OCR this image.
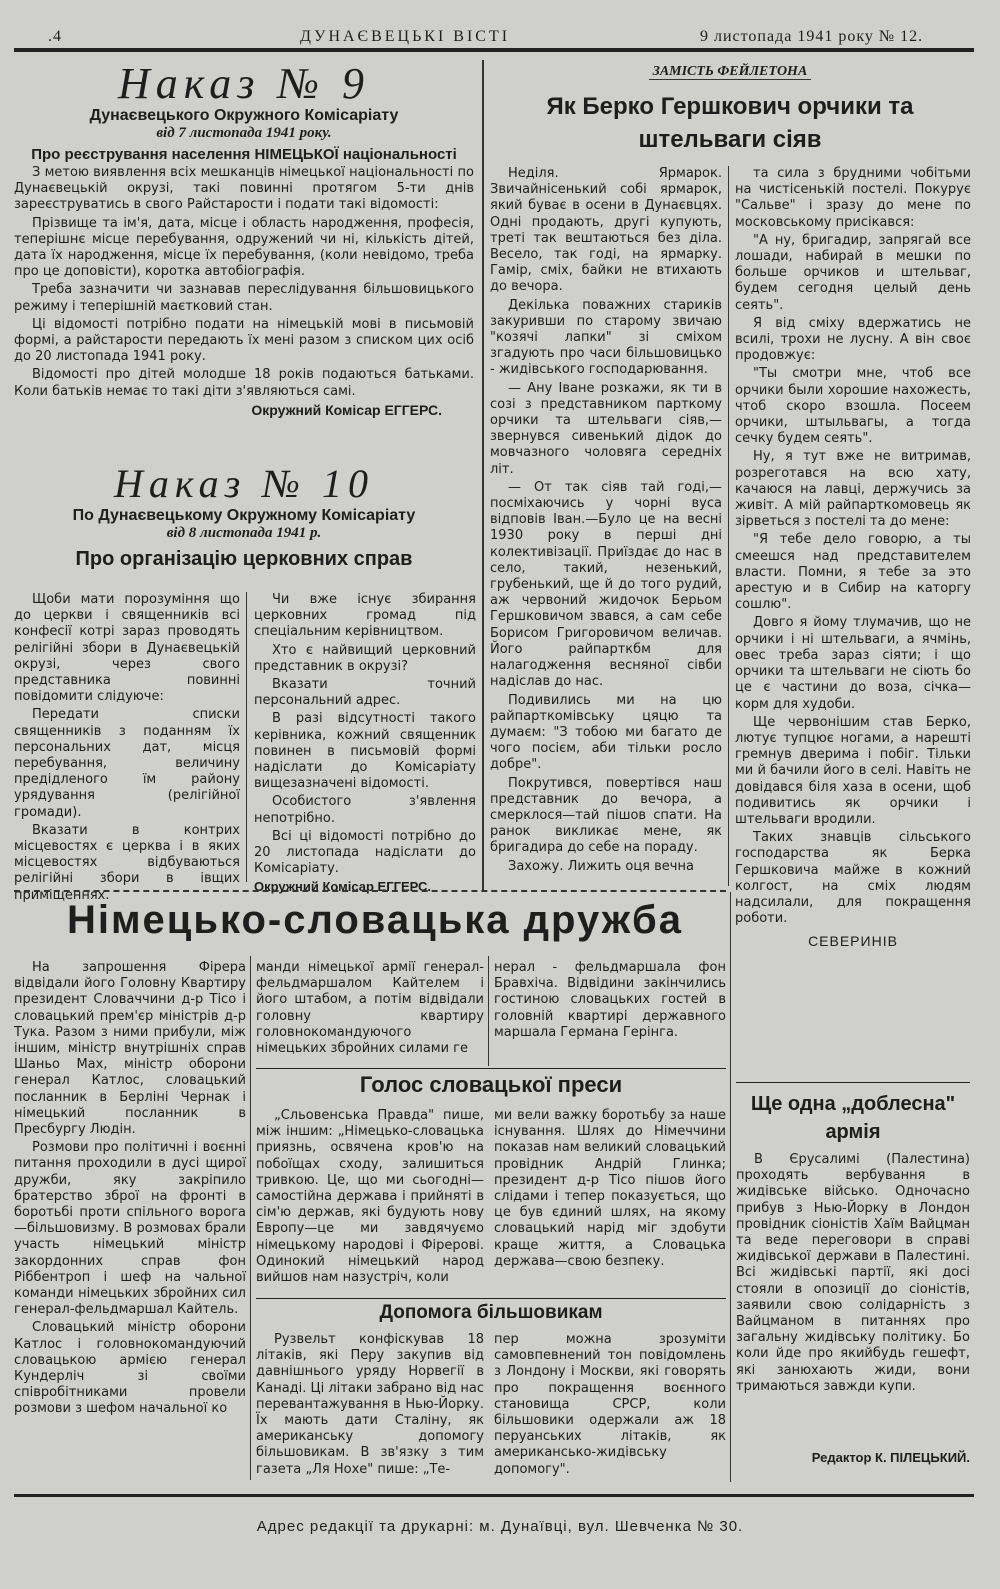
.4	ДУНАЄВЕЦЬКІ ВІСТІ	9 листопада 1941 року № 12.
Наказ № 9
Дунаєвецького Окружного Комісаріату
від 7 листопада 1941 року.
Про реєстрування населення НІМЕЦЬКОЇ національності

З метою виявлення всіх мешканців німецької національності по Дунаєвецькій окрузі, такі повинні протягом 5-ти днів зареєструватись в свого Райстарости і подати такі відомості:

Прізвище та ім'я, дата, місце і область народження, професія, теперішнє місце перебування, одружений чи ні, кількість дітей, дата їх народження, місце їх перебування, (коли невідомо, треба про це доповісти), коротка автобіографія.

Треба зазначити чи зазнавав переслідування більшовицького режиму і теперішній маєтковий стан.

Ці відомості потрібно подати на німецькій мові в письмовій формі, а райстарости передають їх мені разом з списком цих осіб до 20 листопада 1941 року.

Відомості про дітей молодше 18 років подаються батьками. Коли батьків немає то такі діти з'являються самі.

Окружний Комісар ЕГГЕРС.
Наказ № 10
По Дунаєвецькому Окружному Комісаріату
від 8 листопада 1941 р.
Про організацію церковних справ

Щоби мати порозуміння що до церкви і священників всі конфесії котрі зараз проводять релігійні збори в Дунаєвецькій окрузі, через свого представника повинні повідомити слідуюче:

Передати списки священників з поданням їх персональних дат, місця перебування, величину предідленого їм району урядування (релігійної громади).

Вказати в контрих місцевостях є церква і в яких місцевостях відбуваються релігійні збори в івщих приміщеннях.

Чи вже існує збирання церковних громад під спеціальним керівництвом.

Хто є найвищий церковний представник в окрузі?

Вказати точний персональний адрес.

В разі відсутності такого керівника, кожний священник повинен в письмовій формі надіслати до Комісаріату вищезазначені відомості.

Особистого з'явлення непотрібно.

Всі ці відомості потрібно до 20 листопада надіслати до Комісаріату.

Окружний Комісар ЕГГЕРС.
ЗАМІСТЬ ФЕЙЛЕТОНА
Як Берко Гершкович орчики та штельваги сіяв

Неділя. Ярмарок. Звичайнісенький собі ярмарок, який буває в осени в Дунаєвцях. Одні продають, другі купують, треті так вештаються без діла. Весело, так годі, на ярмарку. Гамір, сміх, байки не втихають до вечора.

Декілька поважних стариків закуривши по старому звичаю "козячі лапки" зі сміхом згадують про часи більшовицько - жидівського господарювання.

— Ану Іване розкажи, як ти в созі з представником парткому орчики та штельваги сіяв,—звернувся сивенький дідок до мовчазного чоловяга середніх літ.

— От так сіяв тай годі,— посміхаючись у чорні вуса відповів Іван.—Було це на весні 1930 року в перші дні колективізації. Приїздає до нас в село, такий, незенький, грубенький, ще й до того рудий, аж червоний жидочок Берьом Гершковичом звався, а сам себе Борисом Григоровичом величав. Його райпарткбм для налагодження весняної сівби надіслав до нас.

Подивились ми на цю райпарткомівську цяцю та думаєм: "З тобою ми багато де чого посієм, аби тільки росло добре".

Покрутився, повертівся наш представник до вечора, а смерклося—тай пішов спати. На ранок викликає мене, як бригадира до себе на пораду.

Захожу. Лижить оця вечна

та сила з брудними чобітьми на чистісенькій постелі. Покурує "Сальве" і зразу до мене по московському присікався:

"А ну, бригадир, запрягай все лошади, набирай в мешки по больше орчиков и штельваг, будем сегодня целый день сеять".

Я від сміху вдержатись не всилі, трохи не лусну. А він своє продовжує:

"Ты смотри мне, чтоб все орчики были хорошие нахожесть, чтоб скоро взошла. Посеем орчики, штыльвагы, а тогда сечку будем сеять".

Ну, я тут вже не витримав, розреготався на всю хату, качаюся на лавці, держучись за живіт. А мій райпарткомовець як зірветься з постелі та до мене:

"Я тебе дело говорю, а ты смеешся над представителем власти. Помни, я тебе за это арестую и в Сибир на каторгу сошлю".

Довго я йому тлумачив, що не орчики і ні штельваги, а ячмінь, овес треба зараз сіяти; і що орчики та штельваги не сіють бо це є частини до воза, січка— корм для худоби.

Ще червонішим став Берко, лютує тупцює ногами, а нарешті гремнув дверима і побіг. Тільки ми й бачили його в селі. Навіть не довідався біля хаза в осени, щоб подивитись як орчики і штельваги вродили.

Таких знавців сільського господарства як Берка Гершковича майже в кожний колгост, на сміх людям надсилали, для покращення роботи.

СЕВЕРИНІВ
Німецько-словацька дружба

На запрошення Фірера відвідали його Головну Квартиру президент Словаччини д-р Тісо і словацький прем'єр міністрів д-р Тука. Разом з ними прибули, між іншим, міністр внутрішніх справ Шаньо Мах, міністр оборони генерал Катлос, словацький посланник в Берліні Чернак і німецький посланник в Пресбургу Людін.

Розмови про політичні і воєнні питання проходили в дусі щирої дружби, яку закріпило братерство зброї на фронті в боротьбі проти спільного ворога—більшовизму. В розмовах брали участь німецький міністр закордонних справ фон Ріббентроп і шеф на чальної команди німецьких збройних сил генерал-фельдмаршал Кайтель.

Словацький міністр оборони Катлос і головнокомандуючий словацькою армією генерал Кундерліч зі своїми співробітниками провели розмови з шефом начальної ко

манди німецької армії генерал-фельдмаршалом Кайтелем і його штабом, а потім відвідали головну квартиру головнокомандуючого німецьких збройних силами ге

нерал - фельдмаршала фон Бравхіча. Відвідини закінчились гостиною словацьких гостей в головній квартирі державного маршала Германа Герінга.

Голос словацької преси

„Сльовенська Правда" пише, між іншим: „Німецько-словацька приязнь, освячена кров'ю на побоїщах сходу, залишиться тривкою. Це, що ми сьогодні—самостійна держава і прийняті в сім'ю держав, які будують нову Европу—це ми завдячуємо німецькому народові і Фірерові. Одинокий німецький народ вийшов нам назустріч, коли

ми вели важку боротьбу за наше існування. Шлях до Німеччини показав нам великий словацький провідник Андрій Глинка; президент д-р Тісо пішов його слідами і тепер показується, що це був єдиний шлях, на якому словацький нарід міг здобути краще життя, а Словацька держава—свою безпеку.

Допомога більшовикам

Рузвельт конфіскував 18 літаків, які Перу закупив від давнішнього уряду Норвегії в Канаді. Ці літаки забрано від нас перевантажування в Нью-Йорку. Їх мають дати Сталіну, як американську допомогу більшовикам. В зв'язку з тим газета „Ля Нохе" пише: „Те-

пер можна зрозуміти самовпевнений тон повідомлень з Лондону і Москви, які говорять про покращення воєнного становища СРСР, коли більшовики одержали аж 18 перуанських літаків, як американсько-жидівську допомогу".

Ще одна „доблесна" армія

В Єрусалимі (Палестина) проходять вербування в жидівське військо. Одночасно прибув з Нью-Йорку в Лондон провідник сіоністів Хаїм Вайцман та веде переговори в справі жидівської держави в Палестині. Всі жидівські партії, які досі стояли в опозиції до сіоністів, заявили свою солідарність з Вайцманом в питаннях про загальну жидівську політику. Бо коли йде про якийбудь гешефт, які занюхають жиди, вони тримаються завжди купи.

Редактор К. ПІЛЕЦЬКИЙ.
Адрес редакції та друкарні: м. Дунаївці, вул. Шевченка № 30.
